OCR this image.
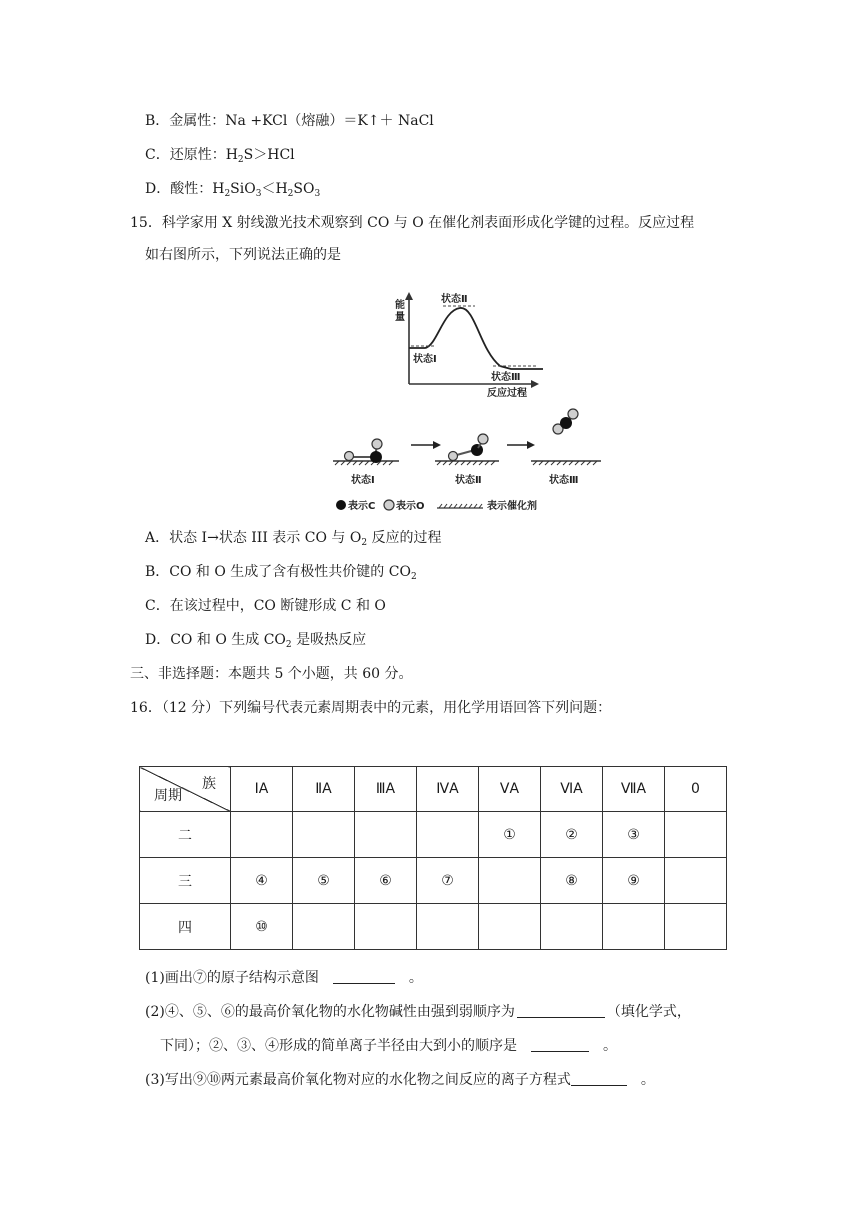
B．金属性：Na +KCl（熔融）＝K↑＋ NaCl
C．还原性：$H_2S>HCl$
D．酸性：$H_2SiO_3<H_2SO_3$
15．科学家用 X 射线激光技术观察到 CO 与 O 在催化剂表面形成化学键的过程。反应过程
如右图所示，下列说法正确的是
能
量
状态Ⅱ
状态Ⅰ
状态Ⅲ
反应过程
状态Ⅰ	状态Ⅱ	状态Ⅲ
表示C 表示O	表示催化剂
A．状态 I→状态 III 表示 CO 与 $O_2$ 反应的过程
B．CO 和 O 生成了含有极性共价键的 $CO_2$
C．在该过程中，CO 断键形成 C 和 O
D．CO 和 O 生成 $CO_2$ 是吸热反应
三、非选择题：本题共 5 个小题，共 60 分。
16．（12 分）下列编号代表元素周期表中的元素，用化学用语回答下列问题：
族
周期	ⅠA	ⅡA	ⅢA	ⅣA	ⅤA	ⅥA	ⅦA	0
二					①	②	③	
三	④	⑤	⑥	⑦		⑧	⑨	
四	⑩							
(1)画出⑦的原子结构示意图	。
(2)④、⑤、⑥的最高价氧化物的水化物碱性由强到弱顺序为	（填化学式，
下同）；②、③、④形成的简单离子半径由大到小的顺序是	。
(3)写出⑨⑩两元素最高价氧化物对应的水化物之间反应的离子方程式	。
